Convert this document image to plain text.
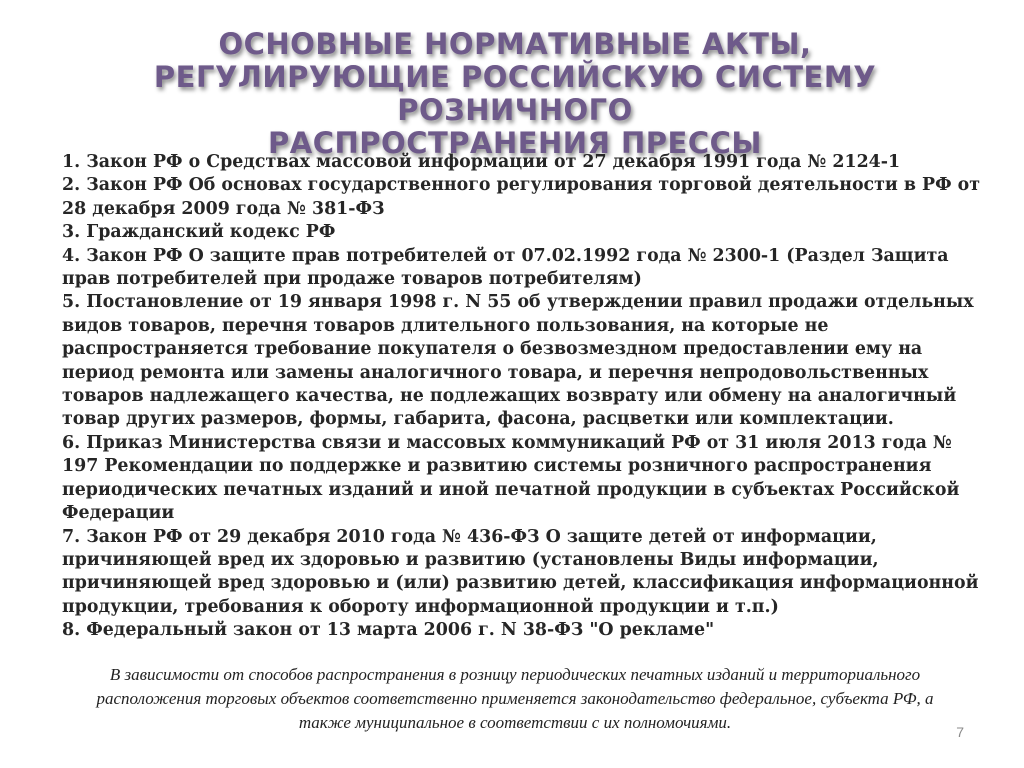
ОСНОВНЫЕ НОРМАТИВНЫЕ АКТЫ,
РЕГУЛИРУЮЩИЕ РОССИЙСКУЮ СИСТЕМУ РОЗНИЧНОГО
РАСПРОСТРАНЕНИЯ ПРЕССЫ
1. Закон РФ о Средствах массовой информации от 27 декабря 1991 года № 2124-1
2. Закон РФ Об основах государственного регулирования торговой деятельности в РФ от 28 декабря 2009 года № 381-ФЗ
3. Гражданский кодекс РФ
4. Закон РФ О защите прав потребителей от 07.02.1992 года № 2300-1 (Раздел Защита прав потребителей при продаже товаров потребителям)
5. Постановление от 19 января 1998 г. N 55 об утверждении правил продажи отдельных видов товаров, перечня товаров длительного пользования, на которые не распространяется требование покупателя о безвозмездном предоставлении ему на период ремонта или замены аналогичного товара, и перечня непродовольственных товаров надлежащего качества, не подлежащих возврату или обмену на аналогичный товар других размеров, формы, габарита, фасона, расцветки или комплектации.
6. Приказ Министерства связи и массовых коммуникаций РФ от 31 июля 2013 года № 197 Рекомендации по поддержке и развитию системы розничного распространения периодических печатных изданий и иной печатной продукции в субъектах Российской Федерации
7. Закон РФ от 29 декабря 2010 года № 436-ФЗ О защите детей от информации, причиняющей вред их здоровью и развитию (установлены Виды информации, причиняющей вред здоровью и (или) развитию детей, классификация информационной продукции, требования к обороту информационной продукции и т.п.)
8. Федеральный закон от 13 марта 2006 г. N 38-ФЗ "О рекламе"

В зависимости от способов распространения в розницу периодических печатных изданий и территориального расположения торговых объектов соответственно применяется законодательство федеральное, субъекта РФ, а также муниципальное в соответствии с их полномочиями.	7
